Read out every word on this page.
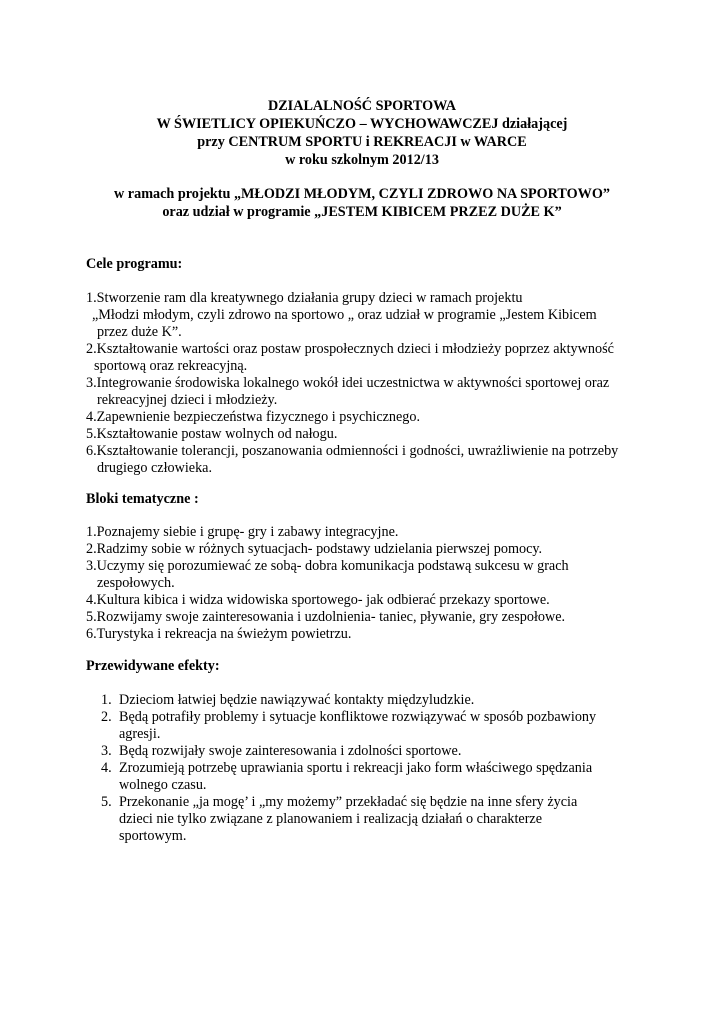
DZIALALNOŚĆ SPORTOWA
W ŚWIETLICY OPIEKUŃCZO – WYCHOWAWCZEJ działającej
przy CENTRUM SPORTU i REKREACJI w WARCE
w roku szkolnym 2012/13
w ramach projektu „MŁODZI MŁODYM, CZYLI ZDROWO NA SPORTOWO”
oraz udział w programie „JESTEM KIBICEM PRZEZ DUŻE K”
Cele programu:
1.Stworzenie ram dla kreatywnego działania grupy dzieci w ramach projektu
„Młodzi młodym, czyli zdrowo na sportowo „ oraz udział w programie „Jestem Kibicem
przez duże K”.
2.Kształtowanie wartości oraz postaw prospołecznych dzieci i młodzieży poprzez aktywność
sportową oraz rekreacyjną.
3.Integrowanie środowiska lokalnego wokół idei uczestnictwa w aktywności sportowej oraz
rekreacyjnej dzieci i młodzieży.
4.Zapewnienie bezpieczeństwa fizycznego i psychicznego.
5.Kształtowanie postaw wolnych od nałogu.
6.Kształtowanie tolerancji, poszanowania odmienności i godności, uwrażliwienie na potrzeby
drugiego człowieka.
Bloki tematyczne :
1.Poznajemy siebie i grupę- gry i zabawy integracyjne.
2.Radzimy sobie w różnych sytuacjach- podstawy udzielania pierwszej pomocy.
3.Uczymy się porozumiewać ze sobą- dobra komunikacja podstawą sukcesu w grach
zespołowych.
4.Kultura kibica i widza widowiska sportowego- jak odbierać przekazy sportowe.
5.Rozwijamy swoje zainteresowania i uzdolnienia- taniec, pływanie, gry zespołowe.
6.Turystyka i rekreacja na świeżym powietrzu.
Przewidywane efekty:
1. Dzieciom łatwiej będzie nawiązywać kontakty międzyludzkie.
2. Będą potrafiły problemy i sytuacje konfliktowe rozwiązywać w sposób pozbawiony
agresji.
3. Będą rozwijały swoje zainteresowania i zdolności sportowe.
4. Zrozumieją potrzebę uprawiania sportu i rekreacji jako form właściwego spędzania
wolnego czasu.
5. Przekonanie „ja mogę’ i „my możemy” przekładać się będzie na inne sfery życia
dzieci nie tylko związane z planowaniem i realizacją działań o charakterze
sportowym.
